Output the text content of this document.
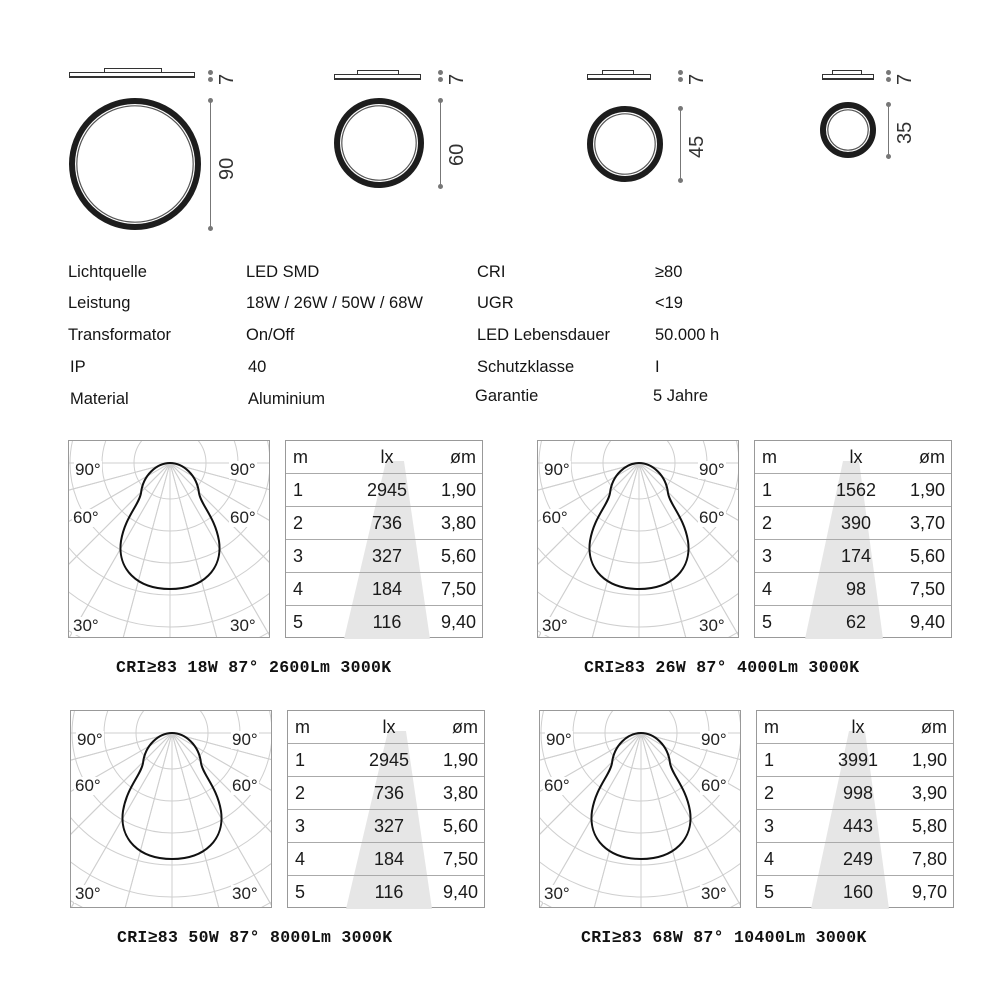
7
90
7
60
7
45
7
35
Lichtquelle	LED SMD
Leistung	18W / 26W / 50W / 68W
Transformator	On/Off
IP	40
Material	Aluminium
CRI	≥80
UGR	<19
LED Lebensdauer	50.000 h
Schutzklasse	I
Garantie	5 Jahre
90°	90°
60°	60°
30°	30°
m	lx	øm
1	2945	1,90
2	736	3,80
3	327	5,60
4	184	7,50
5	116	9,40
CRI≥83 18W 87° 2600Lm 3000K
90°	90°
60°	60°
30°	30°
m	lx	øm
1	1562	1,90
2	390	3,70
3	174	5,60
4	98	7,50
5	62	9,40
CRI≥83 26W 87° 4000Lm 3000K
90°	90°
60°	60°
30°	30°
m	lx	øm
1	2945	1,90
2	736	3,80
3	327	5,60
4	184	7,50
5	116	9,40
CRI≥83 50W 87° 8000Lm 3000K
90°	90°
60°	60°
30°	30°
m	lx	øm
1	3991	1,90
2	998	3,90
3	443	5,80
4	249	7,80
5	160	9,70
CRI≥83 68W 87° 10400Lm 3000K
